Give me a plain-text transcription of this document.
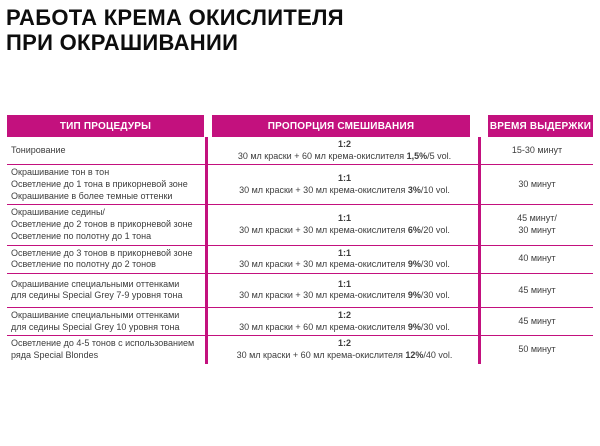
РАБОТА КРЕМА ОКИСЛИТЕЛЯ
ПРИ ОКРАШИВАНИИ
ТИП ПРОЦЕДУРЫ	ПРОПОРЦИЯ СМЕШИВАНИЯ	ВРЕМЯ ВЫДЕРЖКИ
Тонирование
1:2
30 мл краски + 60 мл крема-окислителя 1,5%/5 vol.
15-30 минут
Окрашивание тон в тон
Осветление до 1 тона в прикорневой зоне
Окрашивание в более темные оттенки
1:1
30 мл краски + 30 мл крема-окислителя 3%/10 vol.
30 минут
Окрашивание седины/
Осветление до 2 тонов в прикорневой зоне
Осветление по полотну до 1 тона
1:1
30 мл краски + 30 мл крема-окислителя 6%/20 vol.
45 минут/
30 минут
Осветление до 3 тонов в прикорневой зоне
Осветление по полотну до 2 тонов
1:1
30 мл краски + 30 мл крема-окислителя 9%/30 vol.
40 минут
Окрашивание специальными оттенками
для седины Special Grey 7-9 уровня тона
1:1
30 мл краски + 30 мл крема-окислителя 9%/30 vol.
45 минут
Окрашивание специальными оттенками
для седины Special Grey 10 уровня тона
1:2
30 мл краски + 60 мл крема-окислителя 9%/30 vol.
45 минут
Осветление до 4-5 тонов с использованием
ряда Special Blondes
1:2
30 мл краски + 60 мл крема-окислителя 12%/40 vol.
50 минут
